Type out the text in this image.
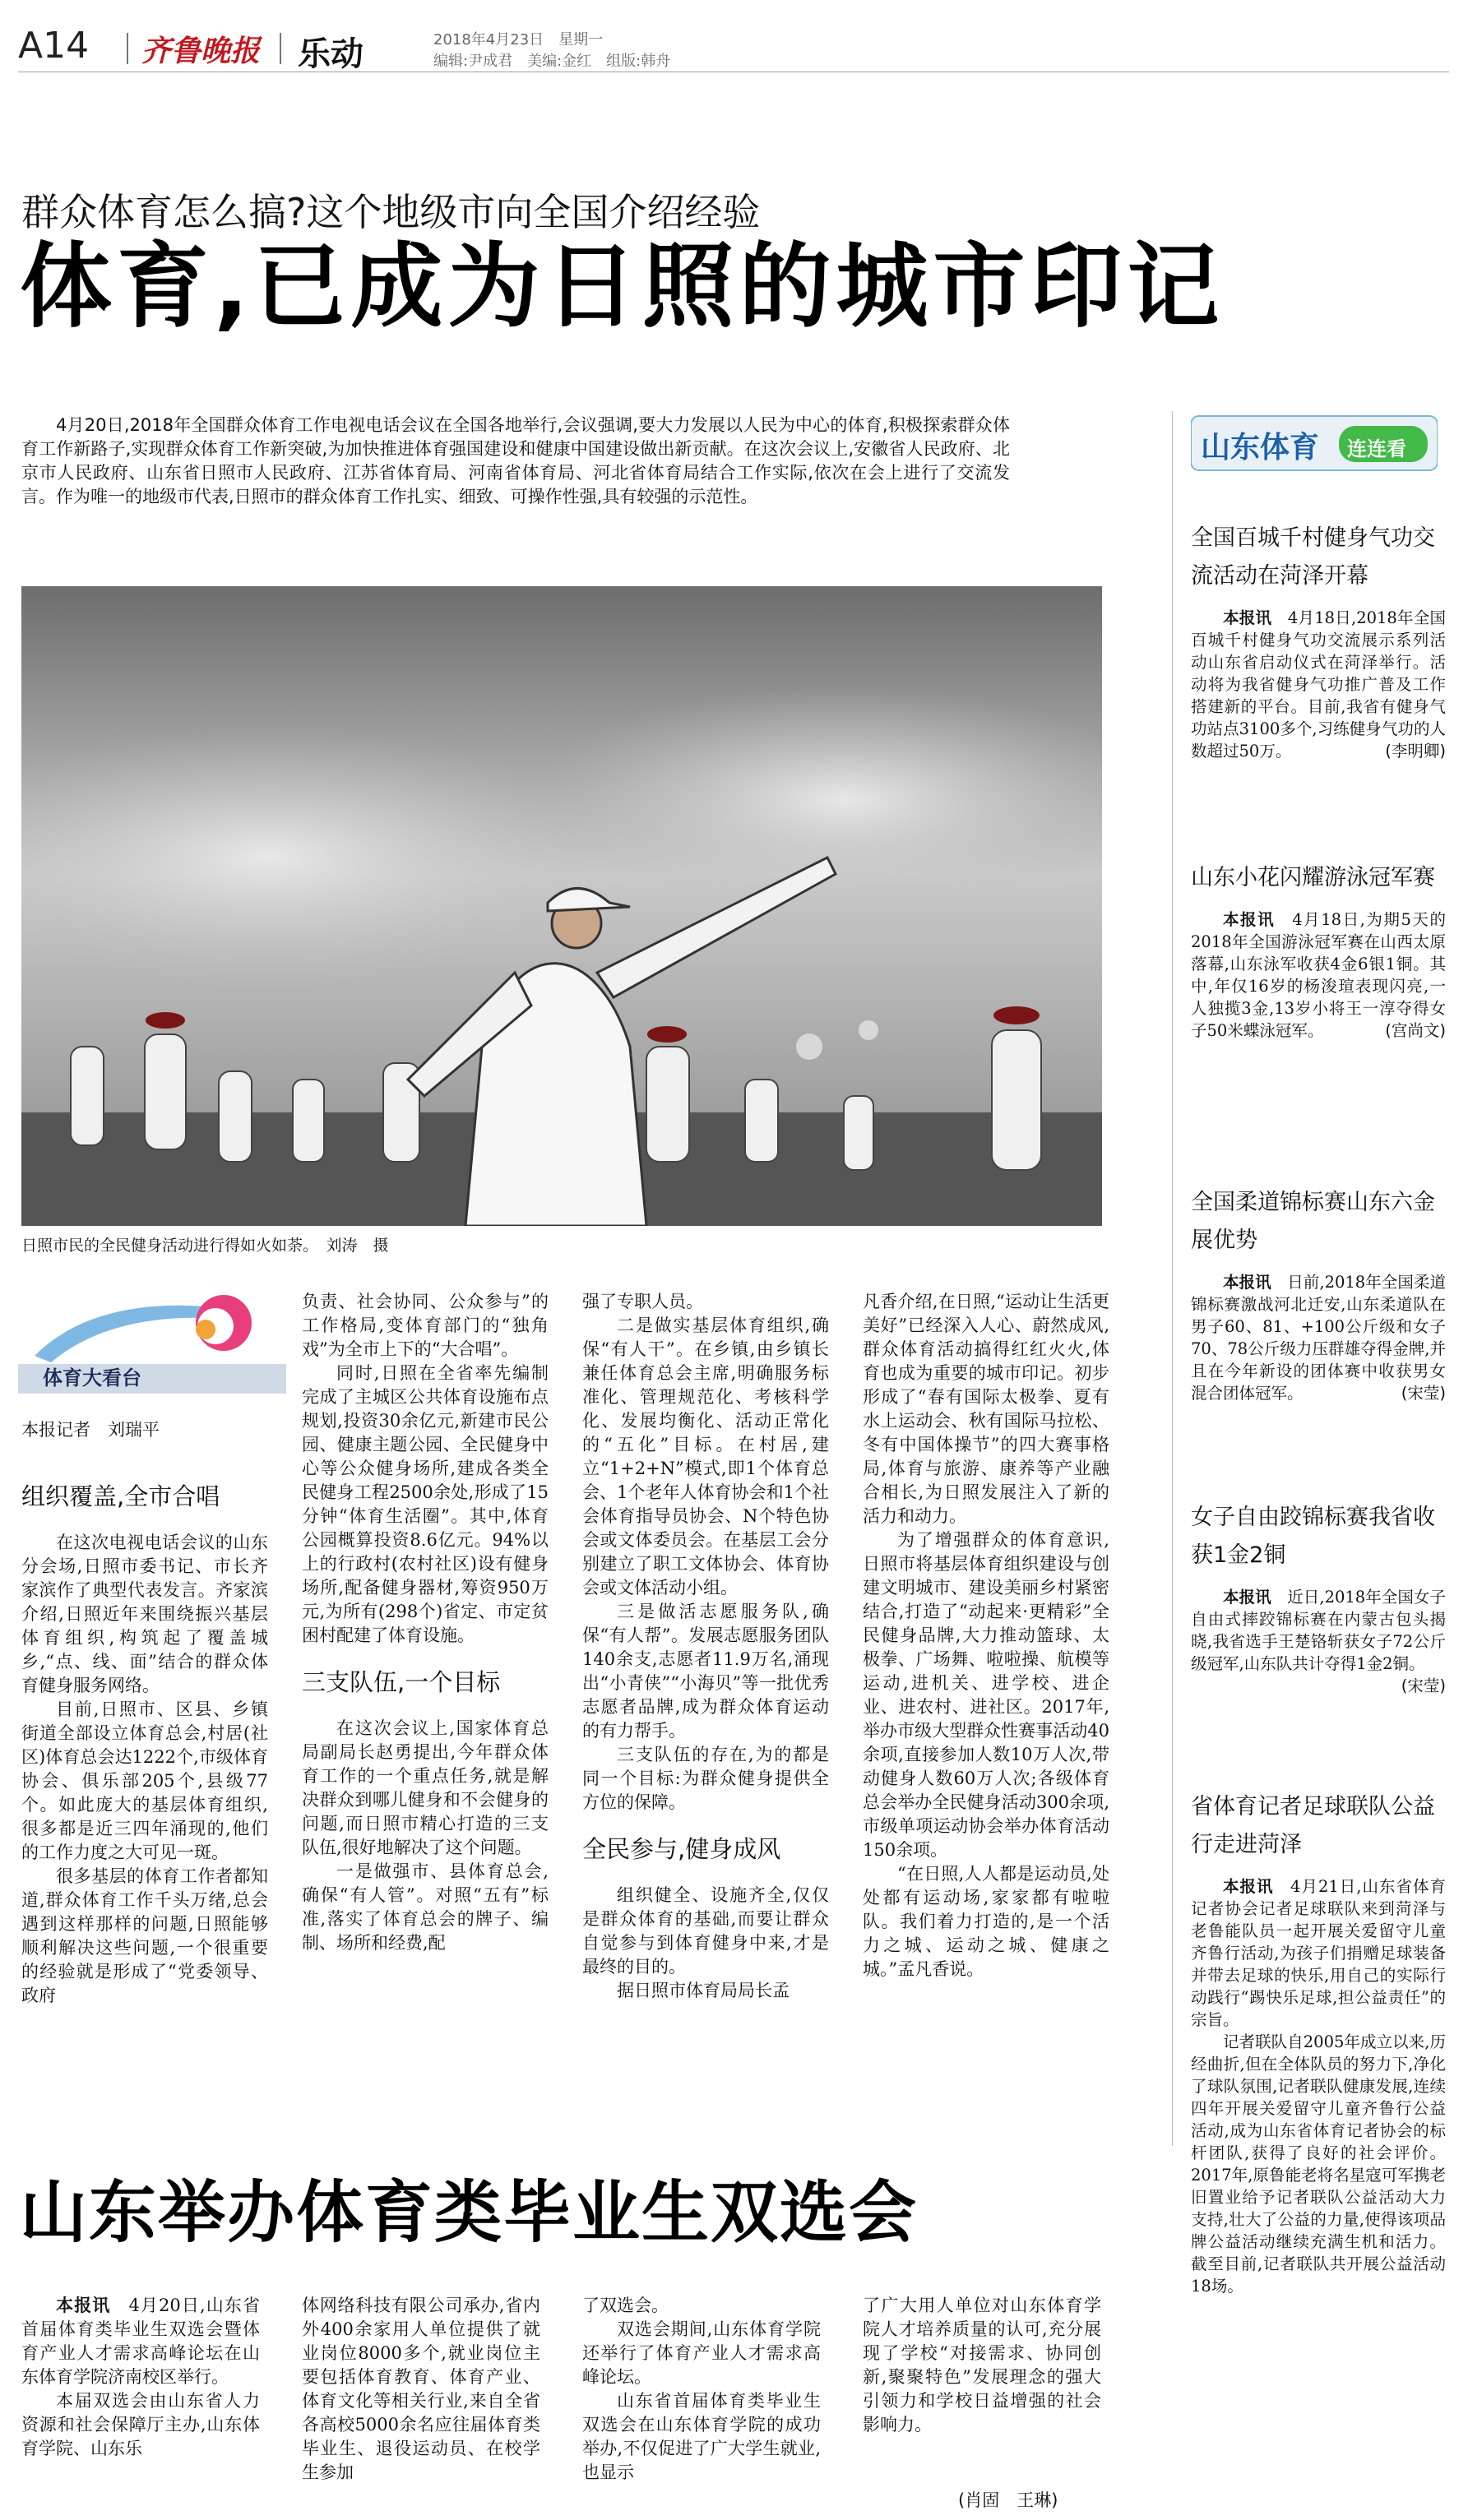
A14 齐鲁晚报 乐动	2018年4月23日　星期一
编辑:尹成君　美编:金红　组版:韩舟
群众体育怎么搞?这个地级市向全国介绍经验
体育,已成为日照的城市印记
4月20日,2018年全国群众体育工作电视电话会议在全国各地举行,会议强调,要大力发展以人民为中心的体育,积极探索群众体育工作新路子,实现群众体育工作新突破,为加快推进体育强国建设和健康中国建设做出新贡献。在这次会议上,安徽省人民政府、北京市人民政府、山东省日照市人民政府、江苏省体育局、河南省体育局、河北省体育局结合工作实际,依次在会上进行了交流发言。作为唯一的地级市代表,日照市的群众体育工作扎实、细致、可操作性强,具有较强的示范性。
日照市民的全民健身活动进行得如火如荼。　刘涛　摄
山东体育 连连看
全国百城千村健身气功交流活动在菏泽开幕
本报讯　 4月18日,2018年全国百城千村健身气功交流展示系列活动山东省启动仪式在菏泽举行。活动将为我省健身气功推广普及工作搭建新的平台。目前,我省有健身气功站点3100多个,习练健身气功的人数超过50万。	(李明卿)
山东小花闪耀游泳冠军赛
本报讯　 4月18日,为期5天的2018年全国游泳冠军赛在山西太原落幕,山东泳军收获4金6银1铜。其中,年仅16岁的杨浚瑄表现闪亮,一人独揽3金,13岁小将王一淳夺得女子50米蝶泳冠军。	(宫尚文)
全国柔道锦标赛山东六金展优势
本报讯　 日前,2018年全国柔道锦标赛激战河北迁安,山东柔道队在男子60、81、+100公斤级和女子70、78公斤级力压群雄夺得金牌,并且在今年新设的团体赛中收获男女混合团体冠军。	(宋莹)
女子自由跤锦标赛我省收获1金2铜
本报讯　 近日,2018年全国女子自由式摔跤锦标赛在内蒙古包头揭晓,我省选手王楚铬斩获女子72公斤级冠军,山东队共计夺得1金2铜。
(宋莹)
省体育记者足球联队公益行走进菏泽
本报讯　 4月21日,山东省体育记者协会记者足球联队来到菏泽与老鲁能队员一起开展关爱留守儿童齐鲁行活动,为孩子们捐赠足球装备并带去足球的快乐,用自己的实际行动践行“踢快乐足球,担公益责任”的宗旨。
记者联队自2005年成立以来,历经曲折,但在全体队员的努力下,净化了球队氛围,记者联队健康发展,连续四年开展关爱留守儿童齐鲁行公益活动,成为山东省体育记者协会的标杆团队,获得了良好的社会评价。2017年,原鲁能老将名星寇可军携老旧置业给予记者联队公益活动大力支持,壮大了公益的力量,使得该项品牌公益活动继续充满生机和活力。截至目前,记者联队共开展公益活动18场。
体育大看台
本报记者　刘瑞平
组织覆盖,全市合唱

在这次电视电话会议的山东分会场,日照市委书记、市长齐家滨作了典型代表发言。齐家滨介绍,日照近年来围绕振兴基层体育组织,构筑起了覆盖城乡,“点、线、面”结合的群众体育健身服务网络。

目前,日照市、区县、乡镇街道全部设立体育总会,村居(社区)体育总会达1222个,市级体育协会、俱乐部205个,县级77个。如此庞大的基层体育组织,很多都是近三四年涌现的,他们的工作力度之大可见一斑。

很多基层的体育工作者都知道,群众体育工作千头万绪,总会遇到这样那样的问题,日照能够顺利解决这些问题,一个很重要的经验就是形成了“党委领导、政府

负责、社会协同、公众参与”的工作格局,变体育部门的“独角戏”为全市上下的“大合唱”。

同时,日照在全省率先编制完成了主城区公共体育设施布点规划,投资30余亿元,新建市民公园、健康主题公园、全民健身中心等公众健身场所,建成各类全民健身工程2500余处,形成了15分钟“体育生活圈”。其中,体育公园概算投资8.6亿元。94%以上的行政村(农村社区)设有健身场所,配备健身器材,筹资950万元,为所有(298个)省定、市定贫困村配建了体育设施。

三支队伍,一个目标

在这次会议上,国家体育总局副局长赵勇提出,今年群众体育工作的一个重点任务,就是解决群众到哪儿健身和不会健身的问题,而日照市精心打造的三支队伍,很好地解决了这个问题。

一是做强市、县体育总会,确保“有人管”。对照“五有”标准,落实了体育总会的牌子、编制、场所和经费,配

强了专职人员。

二是做实基层体育组织,确保“有人干”。在乡镇,由乡镇长兼任体育总会主席,明确服务标准化、管理规范化、考核科学化、发展均衡化、活动正常化的“五化”目标。在村居,建立“1+2+N”模式,即1个体育总会、1个老年人体育协会和1个社会体育指导员协会、N个特色协会或文体委员会。在基层工会分别建立了职工文体协会、体育协会或文体活动小组。

三是做活志愿服务队,确保“有人帮”。发展志愿服务团队140余支,志愿者11.9万名,涌现出“小青侠”“小海贝”等一批优秀志愿者品牌,成为群众体育运动的有力帮手。

三支队伍的存在,为的都是同一个目标:为群众健身提供全方位的保障。

全民参与,健身成风

组织健全、设施齐全,仅仅是群众体育的基础,而要让群众自觉参与到体育健身中来,才是最终的目的。

据日照市体育局局长孟

凡香介绍,在日照,“运动让生活更美好”已经深入人心、蔚然成风,群众体育活动搞得红红火火,体育也成为重要的城市印记。初步形成了“春有国际太极拳、夏有水上运动会、秋有国际马拉松、冬有中国体操节”的四大赛事格局,体育与旅游、康养等产业融合相长,为日照发展注入了新的活力和动力。

为了增强群众的体育意识,日照市将基层体育组织建设与创建文明城市、建设美丽乡村紧密结合,打造了“动起来·更精彩”全民健身品牌,大力推动篮球、太极拳、广场舞、啦啦操、航模等运动,进机关、进学校、进企业、进农村、进社区。2017年,举办市级大型群众性赛事活动40余项,直接参加人数10万人次,带动健身人数60万人次;各级体育总会举办全民健身活动300余项,市级单项运动协会举办体育活动150余项。

“在日照,人人都是运动员,处处都有运动场,家家都有啦啦队。我们着力打造的,是一个活力之城、运动之城、健康之城。”孟凡香说。

山东举办体育类毕业生双选会

本报讯　4月20日,山东省首届体育类毕业生双选会暨体育产业人才需求高峰论坛在山东体育学院济南校区举行。

本届双选会由山东省人力资源和社会保障厅主办,山东体育学院、山东乐

体网络科技有限公司承办,省内外400余家用人单位提供了就业岗位8000多个,就业岗位主要包括体育教育、体育产业、体育文化等相关行业,来自全省各高校5000余名应往届体育类毕业生、退役运动员、在校学生参加

了双选会。

双选会期间,山东体育学院还举行了体育产业人才需求高峰论坛。

山东省首届体育类毕业生双选会在山东体育学院的成功举办,不仅促进了广大学生就业,也显示

了广大用人单位对山东体育学院人才培养质量的认可,充分展现了学校“对接需求、协同创新,聚聚特色”发展理念的强大引领力和学校日益增强的社会影响力。

(肖固　王琳)
